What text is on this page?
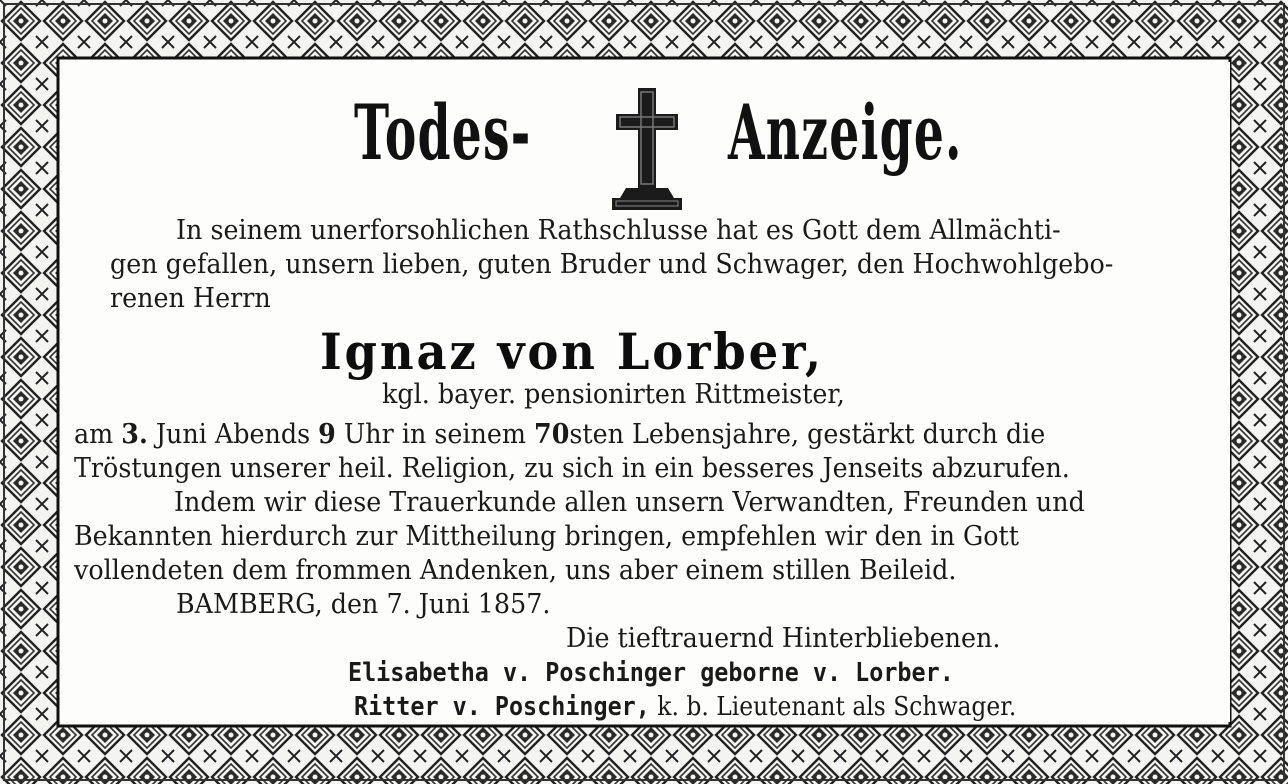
Todes-	Anzeige.
In seinem unerforsohlichen Rathschlusse hat es Gott dem Allmächti-
gen gefallen, unsern lieben, guten Bruder und Schwager, den Hochwohlgebo-
renen Herrn
Ignaz von Lorber,
kgl. bayer. pensionirten Rittmeister,
am 3. Juni Abends 9 Uhr in seinem 70sten Lebensjahre, gestärkt durch die
Tröstungen unserer heil. Religion, zu sich in ein besseres Jenseits abzurufen.
Indem wir diese Trauerkunde allen unsern Verwandten, Freunden und
Bekannten hierdurch zur Mittheilung bringen, empfehlen wir den in Gott
vollendeten dem frommen Andenken, uns aber einem stillen Beileid.
BAMBERG, den 7. Juni 1857.
Die tieftrauernd Hinterbliebenen.
Elisabetha v. Poschinger geborne v. Lorber.
Ritter v. Poschinger, k. b. Lieutenant als Schwager.
